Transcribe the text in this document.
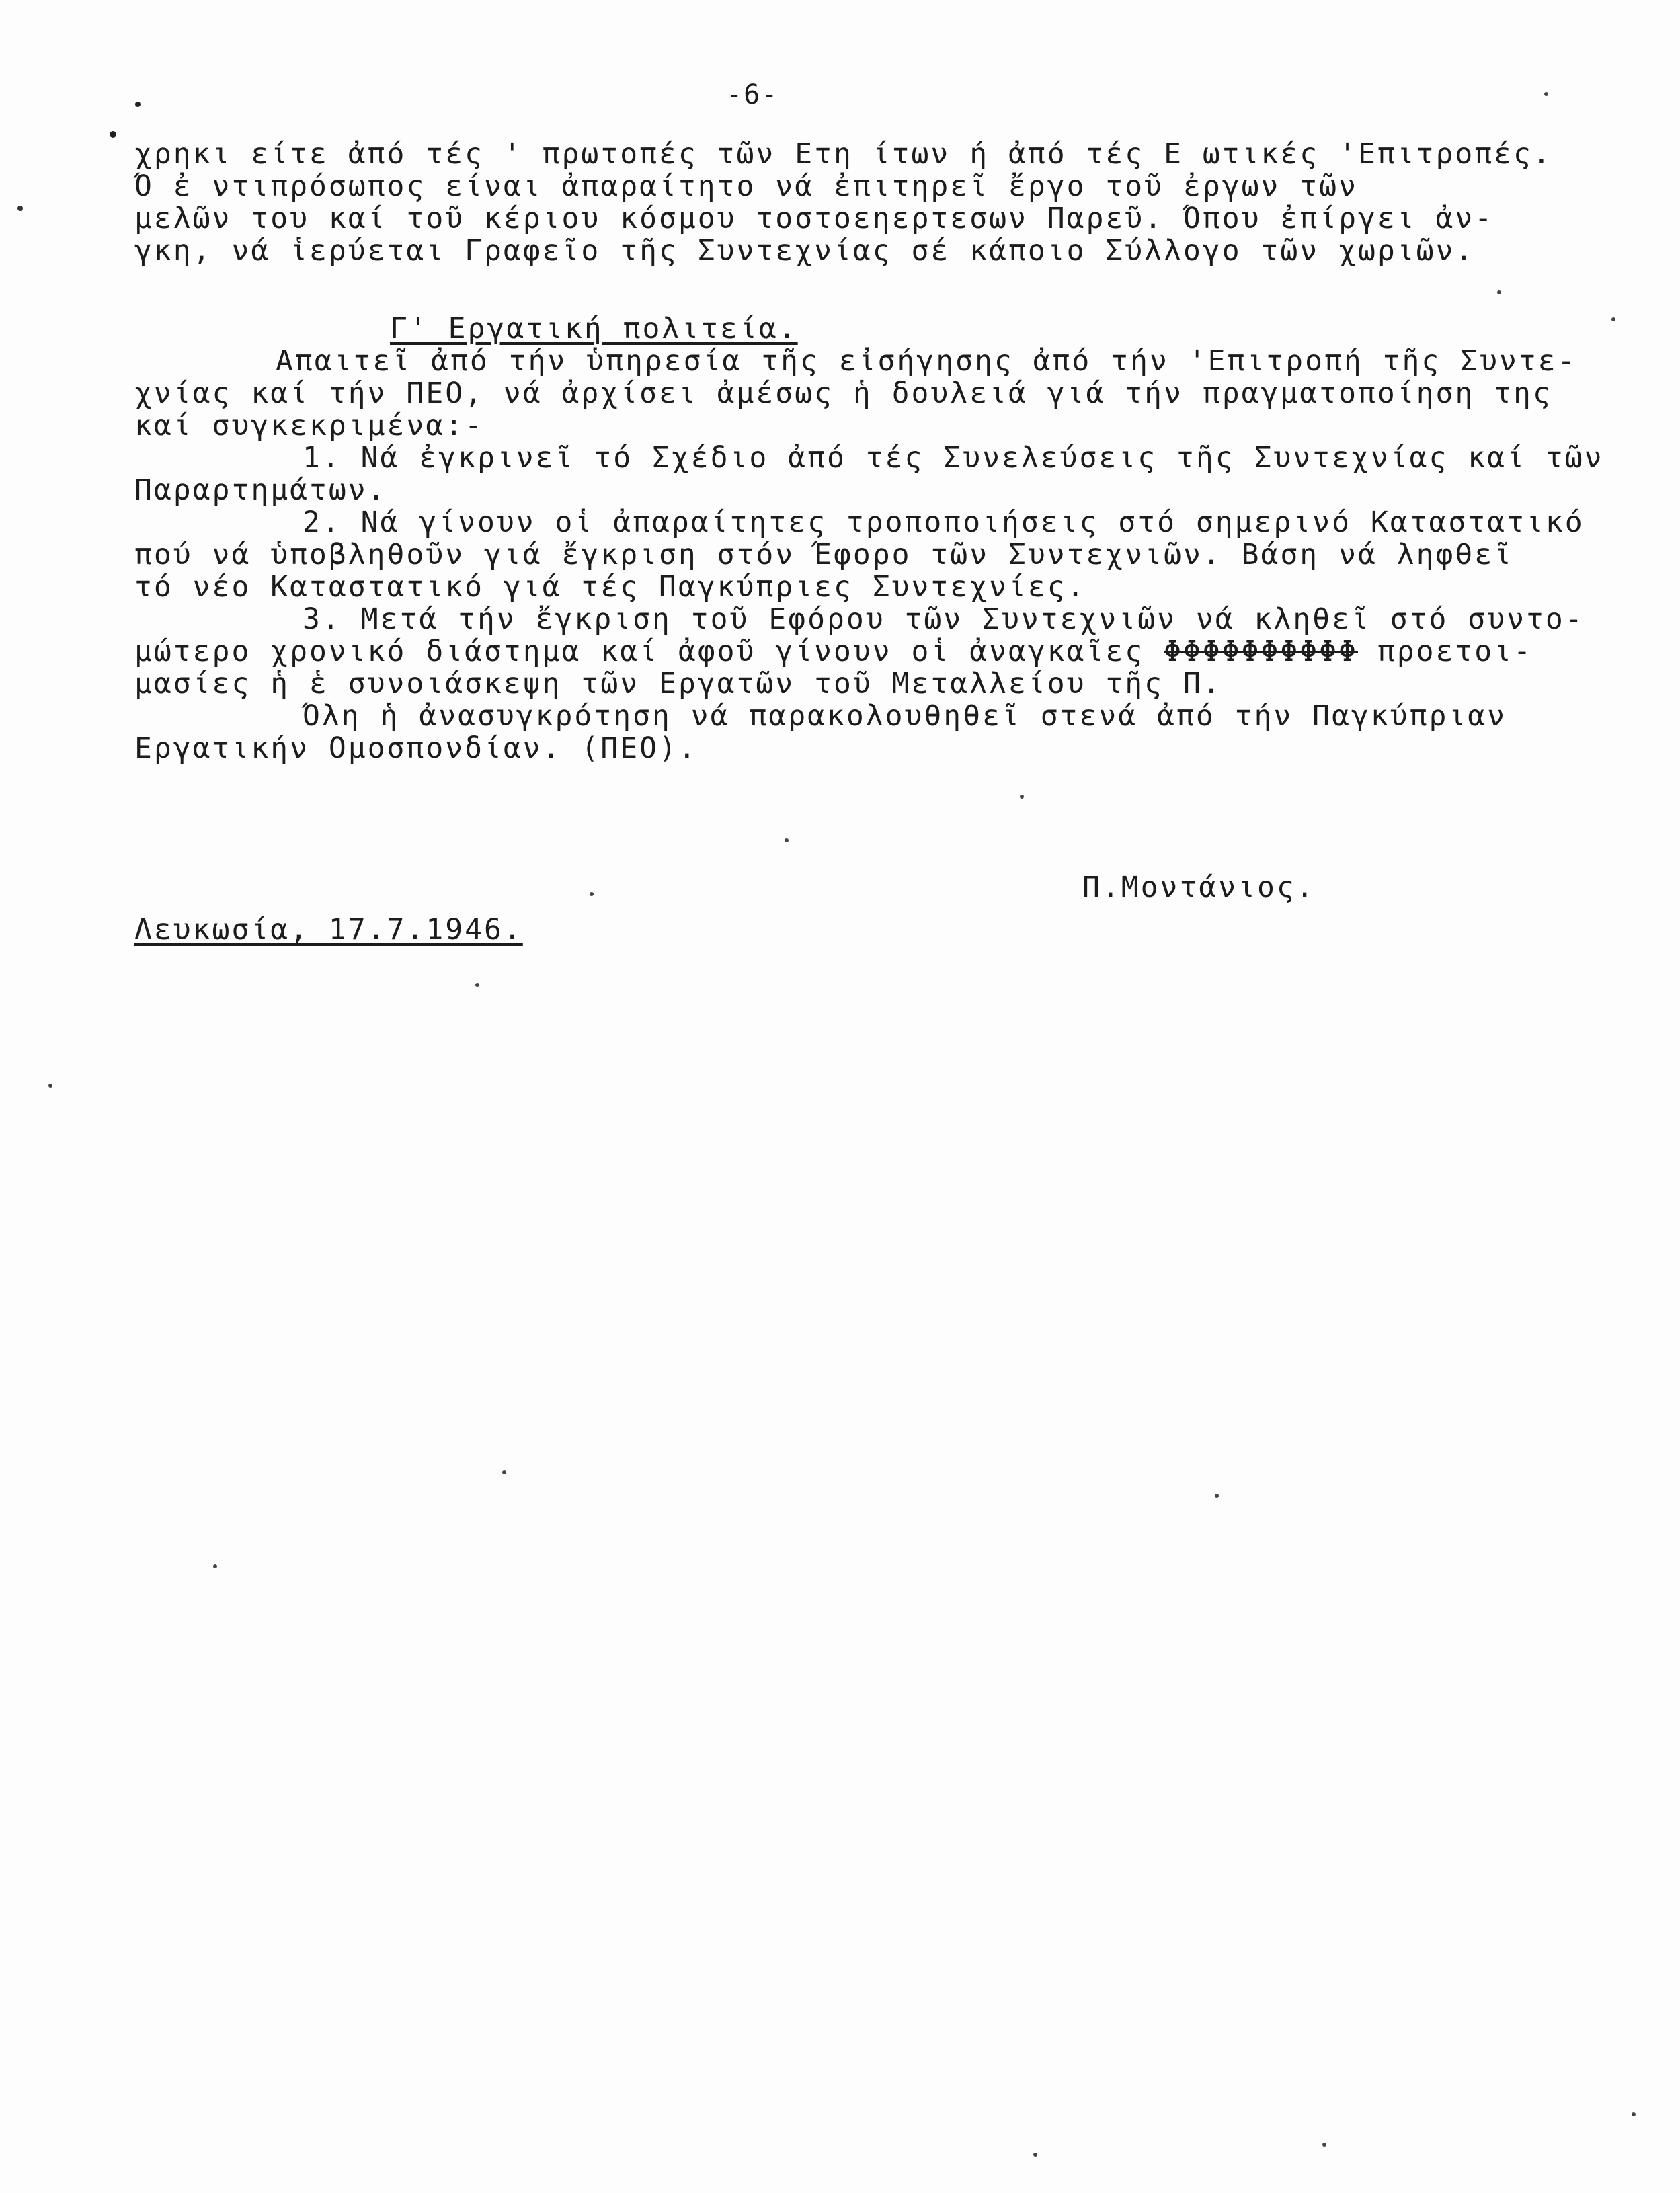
-6-
χρηκι είτε ἀπό τές ' πρωτοπές τῶν Ετη ίτων ή ἀπό τές Ε ωτικές 'Επιτροπές.
Ό ἐ ντιπρόσωπος είναι ἀπαραίτητο νά ἐπιτηρεῖ ἔργο τοῦ ἐργων τῶν
μελῶν του καί τοῦ κέριου κόσμου τοστοεηερτεσων Παρεῦ. Όπου ἐπίργει ἀν-
γκη, νά ἱερύεται Γραφεῖο τῆς Συντεχνίας σέ κάποιο Σύλλογο τῶν χωριῶν.
Γ' Εργατική πολιτεία.
Απαιτεῖ ἀπό τήν ὑπηρεσία τῆς εἰσήγησης ἀπό τήν 'Επιτροπή τῆς Συντε-
χνίας καί τήν ΠΕΟ, νά ἀρχίσει ἀμέσως ἡ δουλειά γιά τήν πραγματοποίηση της
καί συγκεκριμένα:-
1. Νά ἐγκρινεῖ τό Σχέδιο ἀπό τές Συνελεύσεις τῆς Συντεχνίας καί τῶν
Παραρτημάτων.
2. Νά γίνουν οἱ ἀπαραίτητες τροποποιήσεις στό σημερινό Καταστατικό
πού νά ὑποβληθοῦν γιά ἔγκριση στόν Έφορο τῶν Συντεχνιῶν. Βάση νά ληφθεῖ
τό νέο Καταστατικό γιά τές Παγκύπριες Συντεχνίες.
3. Μετά τήν ἔγκριση τοῦ Εφόρου τῶν Συντεχνιῶν νά κληθεῖ στό συντο-
μώτερο χρονικό διάστημα καί ἀφοῦ γίνουν οἱ ἀναγκαῖες ΦΦΦΦΦΦΦΦΦΦ προετοι-
μασίες ἡ ἑ συνοιάσκεψη τῶν Εργατῶν τοῦ Μεταλλείου τῆς Π.
Όλη ἡ ἀνασυγκρότηση νά παρακολουθηθεῖ στενά ἀπό τήν Παγκύπριαν
Εργατικήν Ομοσπονδίαν. (ΠΕΟ).
Π.Μοντάνιος.
Λευκωσία, 17.7.1946.
